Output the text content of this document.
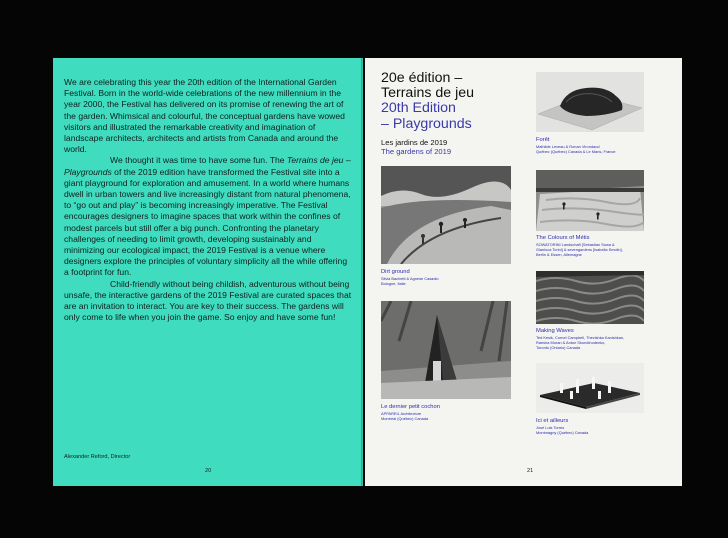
We are celebrating this year the 20th edition of the International Garden Festival. Born in the world-wide celebrations of the new millennium in the year 2000, the Festival has delivered on its promise of renewing the art of the garden. Whimsical and colourful, the conceptual gardens have wowed visitors and illustrated the remarkable creativity and imagination of landscape architects, architects and artists from Canada and around the world.

We thought it was time to have some fun. The Terrains de jeu – Playgrounds of the 2019 edition have transformed the Festival site into a giant playground for exploration and amusement. In a world where humans dwell in urban towers and live increasingly distant from natural phenomena, to “go out and play” is becoming increasingly imperative. The Festival encourages designers to imagine spaces that work within the confines of modest parcels but still offer a big punch. Confronting the planetary challenges of needing to limit growth, developing sustainably and minimizing our ecological impact, the 2019 Festival is a venue where designers explore the principles of voluntary simplicity all the while offering a footprint for fun.

Child-friendly without being childish, adventurous without being unsafe, the interactive gardens of the 2019 Festival are curated spaces that are an invitation to interact. You are key to their success. The gardens will only come to life when you join the game. So enjoy and have some fun!

Alexander Reford, Director
20
20e édition –
Terrains de jeu
20th Edition
– Playgrounds
Les jardins de 2019
The gardens of 2019
Dirt ground
Silvia Bachetti & Agnese Casadio
Bologne, Italie
Le dernier petit cochon
APPAREIL Architecture
Montréal (Québec) Canada
Forêt
Mathilde Leveau & Ronan Virondaud
Québec (Québec) Canada & Le Mans, France
The Colours of Métis
SOWATORINI Landschaft [Sebastian Sowa &
Gianluca Torini] & sevengardens [Isabella Smolin],
Berlin & Essen, Allemagne
Making Waves
Ted Kesik, Cornel Campbell, Thevishka Kanishkan,
Raesha Moran & Anton Skorokhodenko,
Toronto (Ontario) Canada
Ici et ailleurs
José Luis Torres
Montmagny (Québec) Canada
21
